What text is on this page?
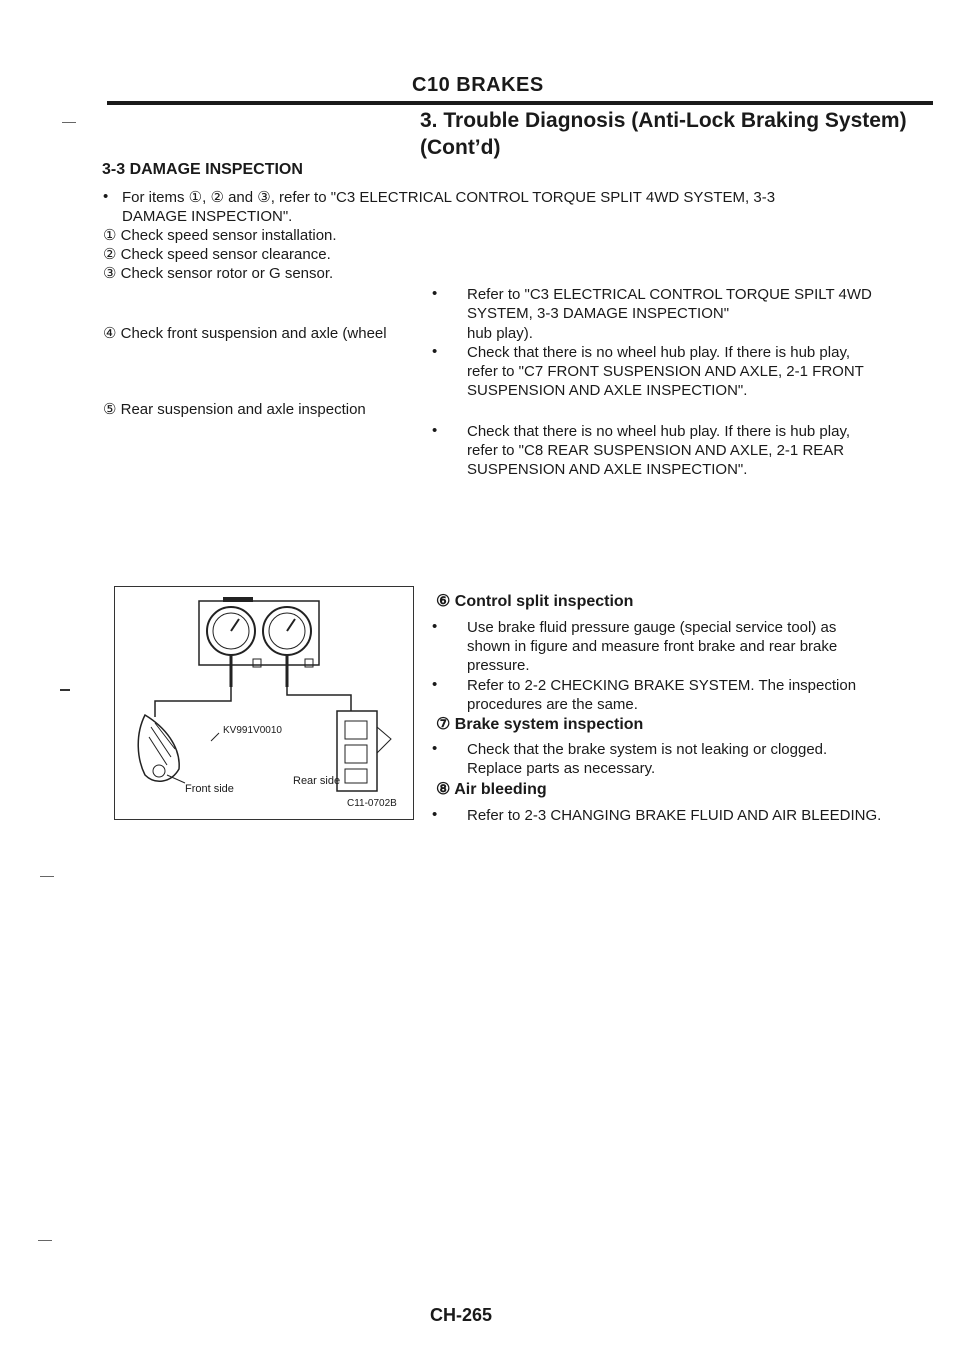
C10 BRAKES
3. Trouble Diagnosis (Anti-Lock Braking System)
(Cont’d)
3-3 DAMAGE INSPECTION
• For items ①, ② and ③, refer to "C3 ELECTRICAL CONTROL TORQUE SPLIT 4WD SYSTEM, 3-3
DAMAGE INSPECTION".
① Check speed sensor installation.
② Check speed sensor clearance.
③ Check sensor rotor or G sensor.
• Refer to "C3 ELECTRICAL CONTROL TORQUE SPILT 4WD
SYSTEM, 3-3 DAMAGE INSPECTION"
④ Check front suspension and axle (wheel	hub play).
• Check that there is no wheel hub play. If there is hub play,
refer to "C7 FRONT SUSPENSION AND AXLE, 2-1 FRONT
SUSPENSION AND AXLE INSPECTION".
⑤ Rear suspension and axle inspection
• Check that there is no wheel hub play. If there is hub play,
refer to "C8 REAR SUSPENSION AND AXLE, 2-1 REAR
SUSPENSION AND AXLE INSPECTION".
KV991V0010
Front side
Rear side
C11-0702B
⑥ Control split inspection
• Use brake fluid pressure gauge (special service tool) as
shown in figure and measure front brake and rear brake
pressure.
• Refer to 2-2 CHECKING BRAKE SYSTEM. The inspection
procedures are the same.
⑦ Brake system inspection
• Check that the brake system is not leaking or clogged.
Replace parts as necessary.
⑧ Air bleeding
• Refer to 2-3 CHANGING BRAKE FLUID AND AIR BLEEDING.
CH-265
